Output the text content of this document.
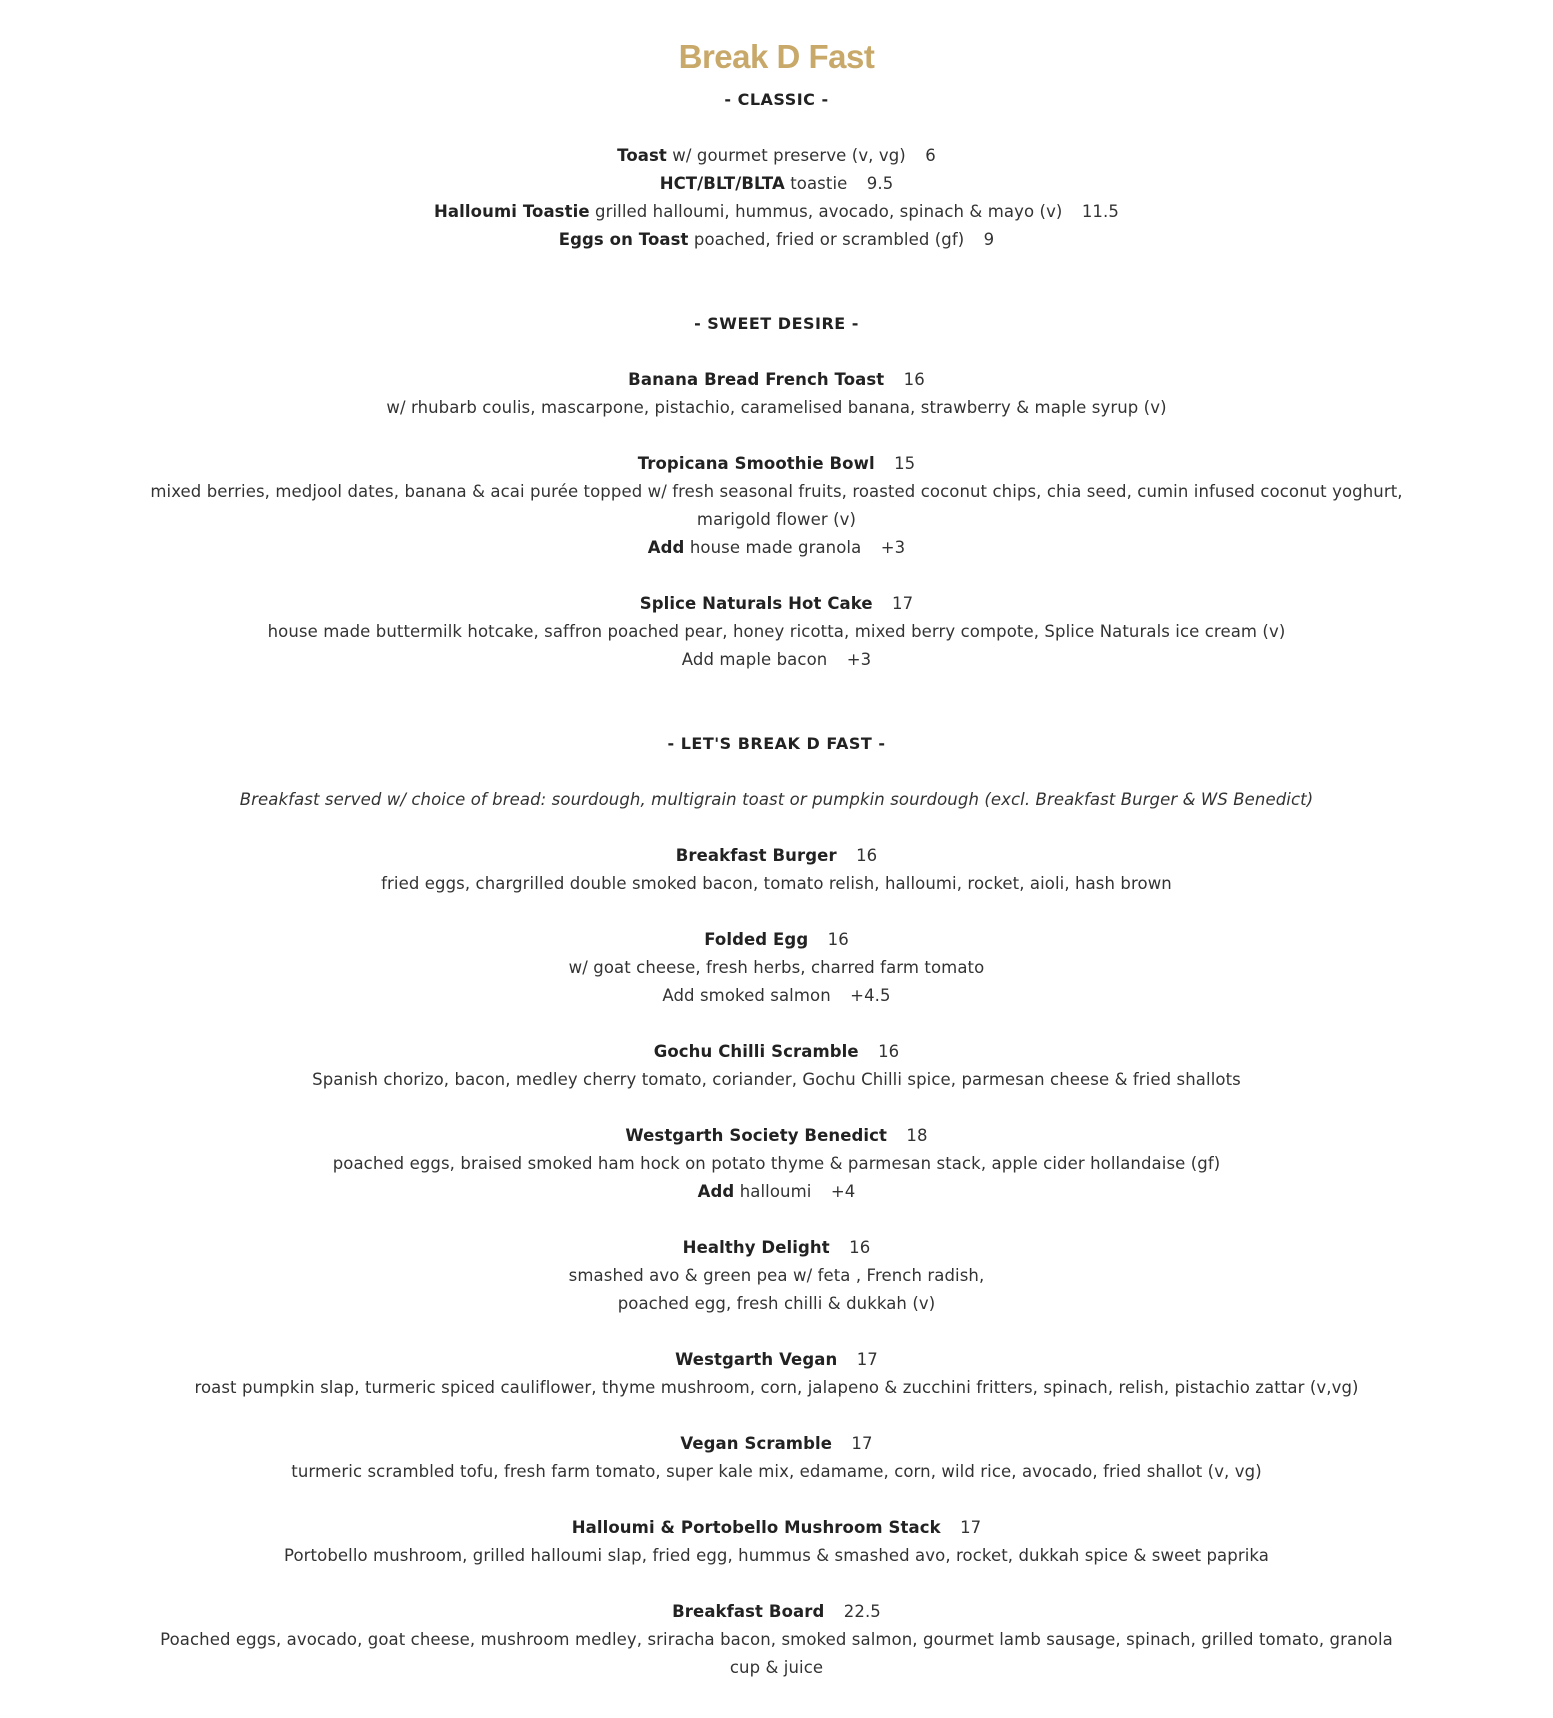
Break D Fast

- CLASSIC -

Toast w/ gourmet preserve (v, vg) 6

HCT/BLT/BLTA toastie 9.5

Halloumi Toastie grilled halloumi, hummus, avocado, spinach & mayo (v) 11.5

Eggs on Toast poached, fried or scrambled (gf) 9

- SWEET DESIRE -

Banana Bread French Toast 16

w/ rhubarb coulis, mascarpone, pistachio, caramelised banana, strawberry & maple syrup (v)

Tropicana Smoothie Bowl 15

mixed berries, medjool dates, banana & acai purée topped w/ fresh seasonal fruits, roasted coconut chips, chia seed, cumin infused coconut yoghurt, marigold flower (v)

Add house made granola +3

Splice Naturals Hot Cake 17

house made buttermilk hotcake, saffron poached pear, honey ricotta, mixed berry compote, Splice Naturals ice cream (v)

Add maple bacon +3

- LET'S BREAK D FAST -

Breakfast served w/ choice of bread: sourdough, multigrain toast or pumpkin sourdough (excl. Breakfast Burger & WS Benedict)

Breakfast Burger 16

fried eggs, chargrilled double smoked bacon, tomato relish, halloumi, rocket, aioli, hash brown

Folded Egg 16

w/ goat cheese, fresh herbs, charred farm tomato

Add smoked salmon +4.5

Gochu Chilli Scramble 16

Spanish chorizo, bacon, medley cherry tomato, coriander, Gochu Chilli spice, parmesan cheese & fried shallots

Westgarth Society Benedict 18

poached eggs, braised smoked ham hock on potato thyme & parmesan stack, apple cider hollandaise (gf)

Add halloumi +4

Healthy Delight 16

smashed avo & green pea w/ feta , French radish,

poached egg, fresh chilli & dukkah (v)

Westgarth Vegan 17

roast pumpkin slap, turmeric spiced cauliflower, thyme mushroom, corn, jalapeno & zucchini fritters, spinach, relish, pistachio zattar (v,vg)

Vegan Scramble 17

turmeric scrambled tofu, fresh farm tomato, super kale mix, edamame, corn, wild rice, avocado, fried shallot (v, vg)

Halloumi & Portobello Mushroom Stack 17

Portobello mushroom, grilled halloumi slap, fried egg, hummus & smashed avo, rocket, dukkah spice & sweet paprika

Breakfast Board 22.5

Poached eggs, avocado, goat cheese, mushroom medley, sriracha bacon, smoked salmon, gourmet lamb sausage, spinach, grilled tomato, granola cup & juice
